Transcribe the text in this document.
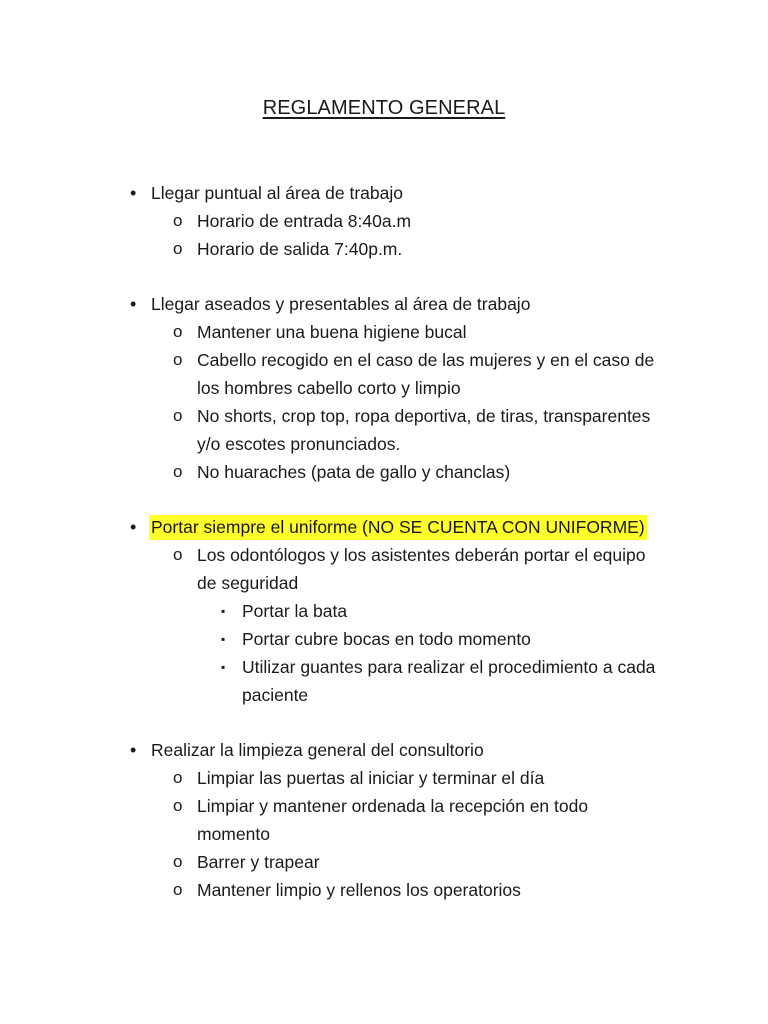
REGLAMENTO GENERAL
• Llegar puntual al área de trabajo
o Horario de entrada 8:40a.m
o Horario de salida 7:40p.m.
• Llegar aseados y presentables al área de trabajo
o Mantener una buena higiene bucal
o Cabello recogido en el caso de las mujeres y en el caso de los hombres cabello corto y limpio
o No shorts, crop top, ropa deportiva, de tiras, transparentes y/o escotes pronunciados.
o No huaraches (pata de gallo y chanclas)
• Portar siempre el uniforme (NO SE CUENTA CON UNIFORME)
o Los odontólogos y los asistentes deberán portar el equipo de seguridad
▪ Portar la bata
▪ Portar cubre bocas en todo momento
▪ Utilizar guantes para realizar el procedimiento a cada paciente
• Realizar la limpieza general del consultorio
o Limpiar las puertas al iniciar y terminar el día
o Limpiar y mantener ordenada la recepción en todo momento
o Barrer y trapear
o Mantener limpio y rellenos los operatorios
